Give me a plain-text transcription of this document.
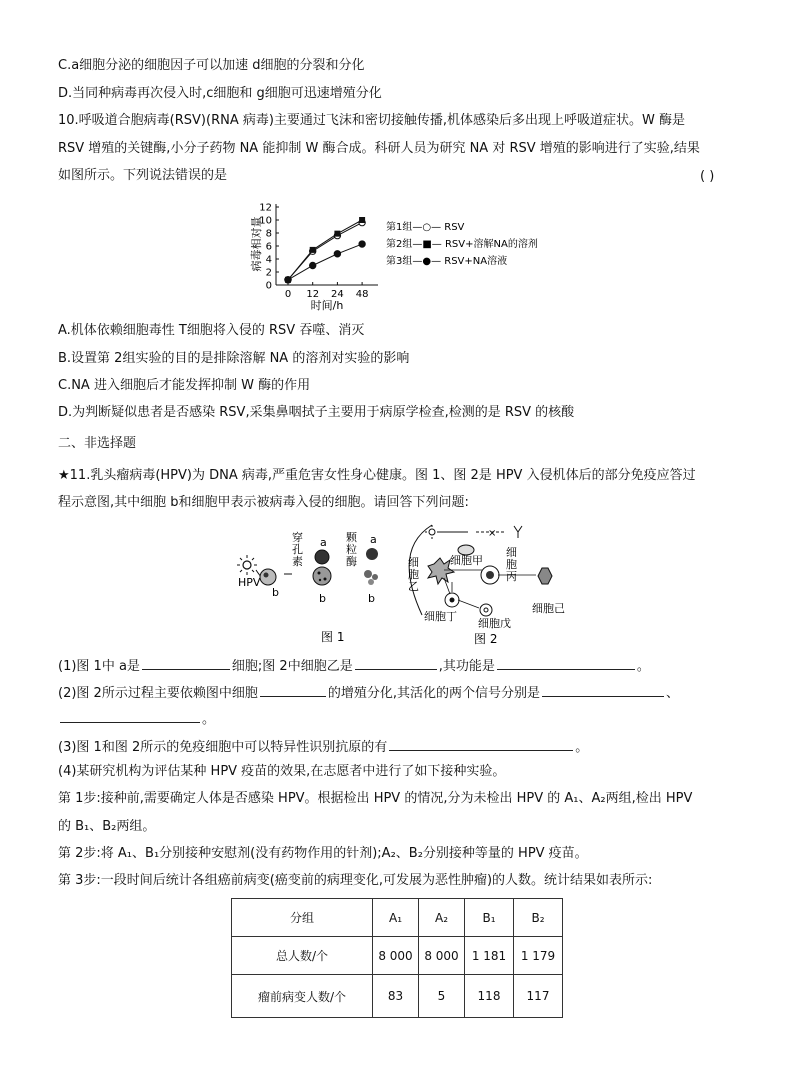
C.a细胞分泌的细胞因子可以加速 d细胞的分裂和分化
D.当同种病毒再次侵入时,c细胞和 g细胞可迅速增殖分化
10.呼吸道合胞病毒(RSV)(RNA 病毒)主要通过飞沫和密切接触传播,机体感染后多出现上呼吸道症状。W 酶是
RSV 增殖的关键酶,小分子药物 NA 能抑制 W 酶合成。科研人员为研究 NA 对 RSV 增殖的影响进行了实验,结果
如图所示。下列说法错误的是	( )
病毒相对量
0
2
4
6
8
10
12
0 12 24 48
时间/h
第1组—○— RSV
第2组—■— RSV+溶解NA的溶剂
第3组—●— RSV+NA溶液
A.机体依赖细胞毒性 T细胞将入侵的 RSV 吞噬、消灭
B.设置第 2组实验的目的是排除溶解 NA 的溶剂对实验的影响
C.NA 进入细胞后才能发挥抑制 W 酶的作用
D.为判断疑似患者是否感染 RSV,采集鼻咽拭子主要用于病原学检查,检测的是 RSV 的核酸
二、非选择题
★11.乳头瘤病毒(HPV)为 DNA 病毒,严重危害女性身心健康。图 1、图 2是 HPV 入侵机体后的部分免疫应答过
程示意图,其中细胞 b和细胞甲表示被病毒入侵的细胞。请回答下列问题:
HPV
b
穿孔素
a
b
颗粒酶
a
b
图 1
×
细胞甲
细胞乙
细胞丙
细胞己
细胞丁
细胞戊
图 2
(1)图 1中 a是	细胞;图 2中细胞乙是	,其功能是	。
(2)图 2所示过程主要依赖图中细胞	的增殖分化,其活化的两个信号分别是	、
。
(3)图 1和图 2所示的免疫细胞中可以特异性识别抗原的有	。
(4)某研究机构为评估某种 HPV 疫苗的效果,在志愿者中进行了如下接种实验。
第 1步:接种前,需要确定人体是否感染 HPV。根据检出 HPV 的情况,分为未检出 HPV 的 A₁、A₂两组,检出 HPV
的 B₁、B₂两组。
第 2步:将 A₁、B₁分别接种安慰剂(没有药物作用的针剂);A₂、B₂分别接种等量的 HPV 疫苗。
第 3步:一段时间后统计各组癌前病变(癌变前的病理变化,可发展为恶性肿瘤)的人数。统计结果如表所示:
分组	A₁	A₂	B₁	B₂
总人数/个	8 000	8 000	1 181	1 179
瘤前病变人数/个	83	5	118	117
